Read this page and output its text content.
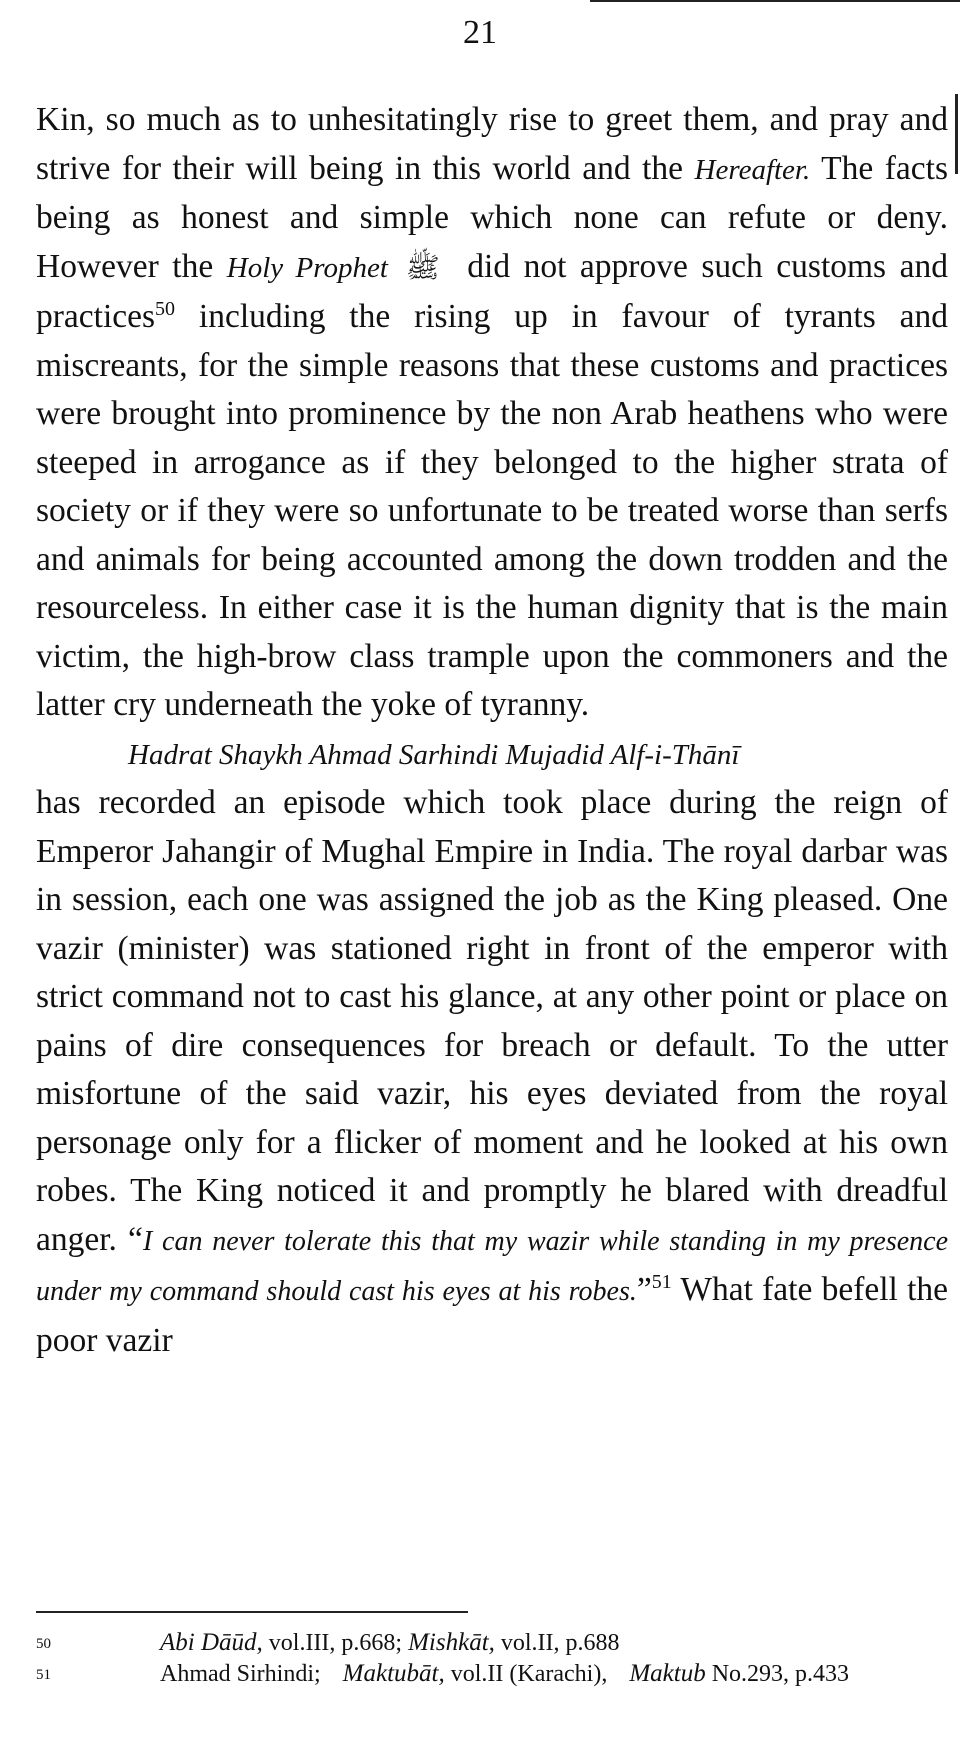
21

Kin, so much as to unhesitatingly rise to greet them, and pray and strive for their will being in this world and the Hereafter. The facts being as honest and simple which none can refute or deny. However the Holy Prophet ﷺ did not approve such customs and practices$^{50}$ including the rising up in favour of tyrants and miscreants, for the simple reasons that these customs and practices were brought into prominence by the non Arab heathens who were steeped in arrogance as if they belonged to the higher strata of society or if they were so unfortunate to be treated worse than serfs and animals for being accounted among the down trodden and the resourceless. In either case it is the human dignity that is the main victim, the high-brow class trample upon the commoners and the latter cry underneath the yoke of tyranny.

Hadrat Shaykh Ahmad Sarhindi Mujadid Alf-i-Thānī

has recorded an episode which took place during the reign of Emperor Jahangir of Mughal Empire in India. The royal darbar was in session, each one was assigned the job as the King pleased. One vazir (minister) was stationed right in front of the emperor with strict command not to cast his glance, at any other point or place on pains of dire consequences for breach or default. To the utter misfortune of the said vazir, his eyes deviated from the royal personage only for a flicker of moment and he looked at his own robes. The King noticed it and promptly he blared with dreadful anger. “I can never tolerate this that my wazir while standing in my presence under my command should cast his eyes at his robes.”$^{51}$ What fate befell the poor vazir

50	Abi Dāūd, vol.III, p.668; Mishkāt, vol.II, p.688
51	Ahmad Sirhindi; Maktubāt, vol.II (Karachi), Maktub No.293, p.433
